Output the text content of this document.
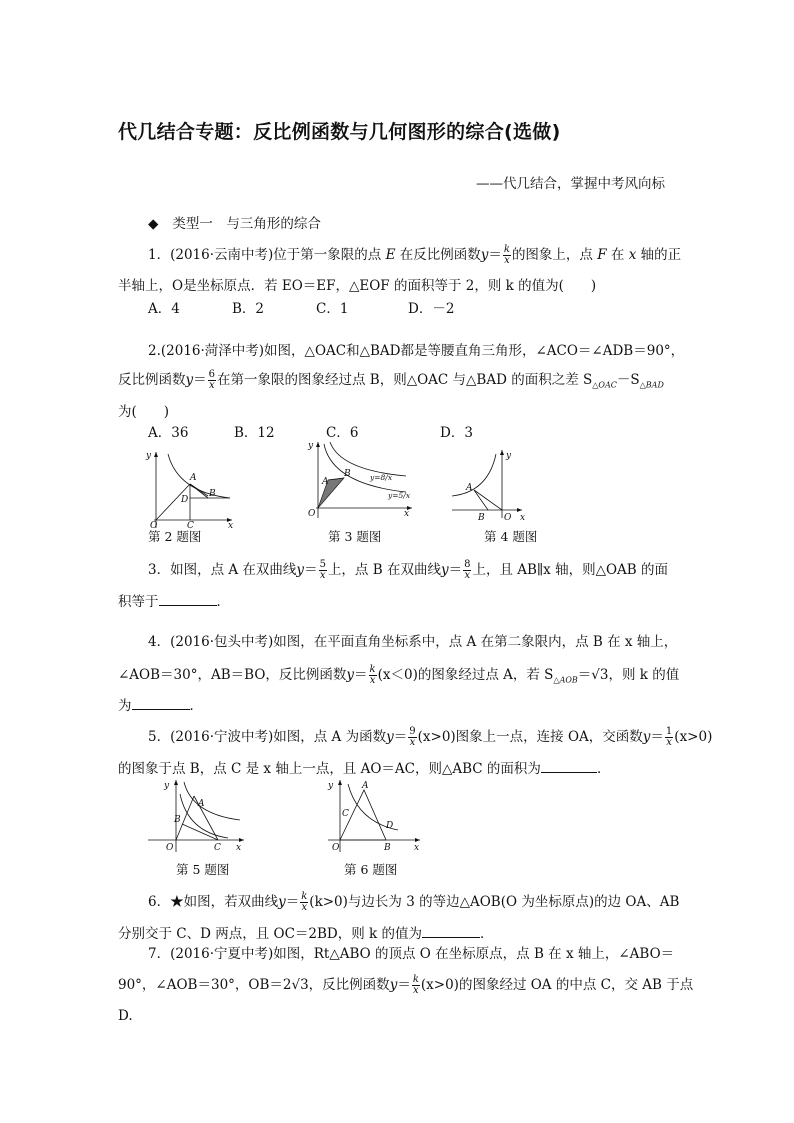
代几结合专题：反比例函数与几何图形的综合(选做)
——代几结合，掌握中考风向标
◆ 类型一　与三角形的综合
1．(2016·云南中考)位于第一象限的点 E 在反比例函数$y= \frac{k}{x}$ 的图象上，点 F 在 x 轴的正
半轴上，O是坐标原点．若 EO＝EF，△EOF 的面积等于 2，则 k 的值为(　　)
A．4	B．2	C．1	D．－2
2.(2016·菏泽中考)如图，△OAC和△BAD都是等腰直角三角形，∠ACO＝∠ADB＝90°，
反比例函数$y= \frac{6}{x}$ 在第一象限的图象经过点 B，则△OAC 与△BAD 的面积之差 $S_{\triangle OAC}-S_{\triangle BAD}$
为(　　)
A．36	B．12	C．6	D．3
y
A
D
B
O	C	x
y
A
B	y=8/x
y=5/x
O	x
y
A
B O x
第 2 题图	第 3 题图	第 4 题图
3．如图，点 A 在双曲线$y= \frac{5}{x}$ 上，点 B 在双曲线$y= \frac{8}{x}$ 上，且 AB∥x 轴，则△OAB 的面
积等于	．
4．(2016·包头中考)如图，在平面直角坐标系中，点 A 在第二象限内，点 B 在 x 轴上，
∠AOB＝30°，AB＝BO，反比例函数$y= \frac{k}{x} (x<0)$的图象经过点 A，若 $S_{\triangle AOB}=√3$，则 k 的值
为	．
5．(2016·宁波中考)如图，点 A 为函数$y= \frac{9}{x} (x>0)$图象上一点，连接 OA，交函数$y= \frac{1}{x} (x>0)$
的图象于点 B，点 C 是 x 轴上一点，且 AO＝AC，则△ABC 的面积为	．
y
A
B
O	C x
y	A
C
D
O	B	x
第 5 题图	第 6 题图
6．★如图，若双曲线$y= \frac{k}{x} (k>0)$与边长为 3 的等边△AOB(O 为坐标原点)的边 OA、AB
分别交于 C、D 两点，且 OC＝2BD，则 k 的值为	．
7．(2016·宁夏中考)如图，Rt△ABO 的顶点 O 在坐标原点，点 B 在 x 轴上，∠ABO＝
90°，∠AOB＝30°，OB＝2√3，反比例函数$y= \frac{k}{x} (x>0)$的图象经过 OA 的中点 C，交 AB 于点
D.
